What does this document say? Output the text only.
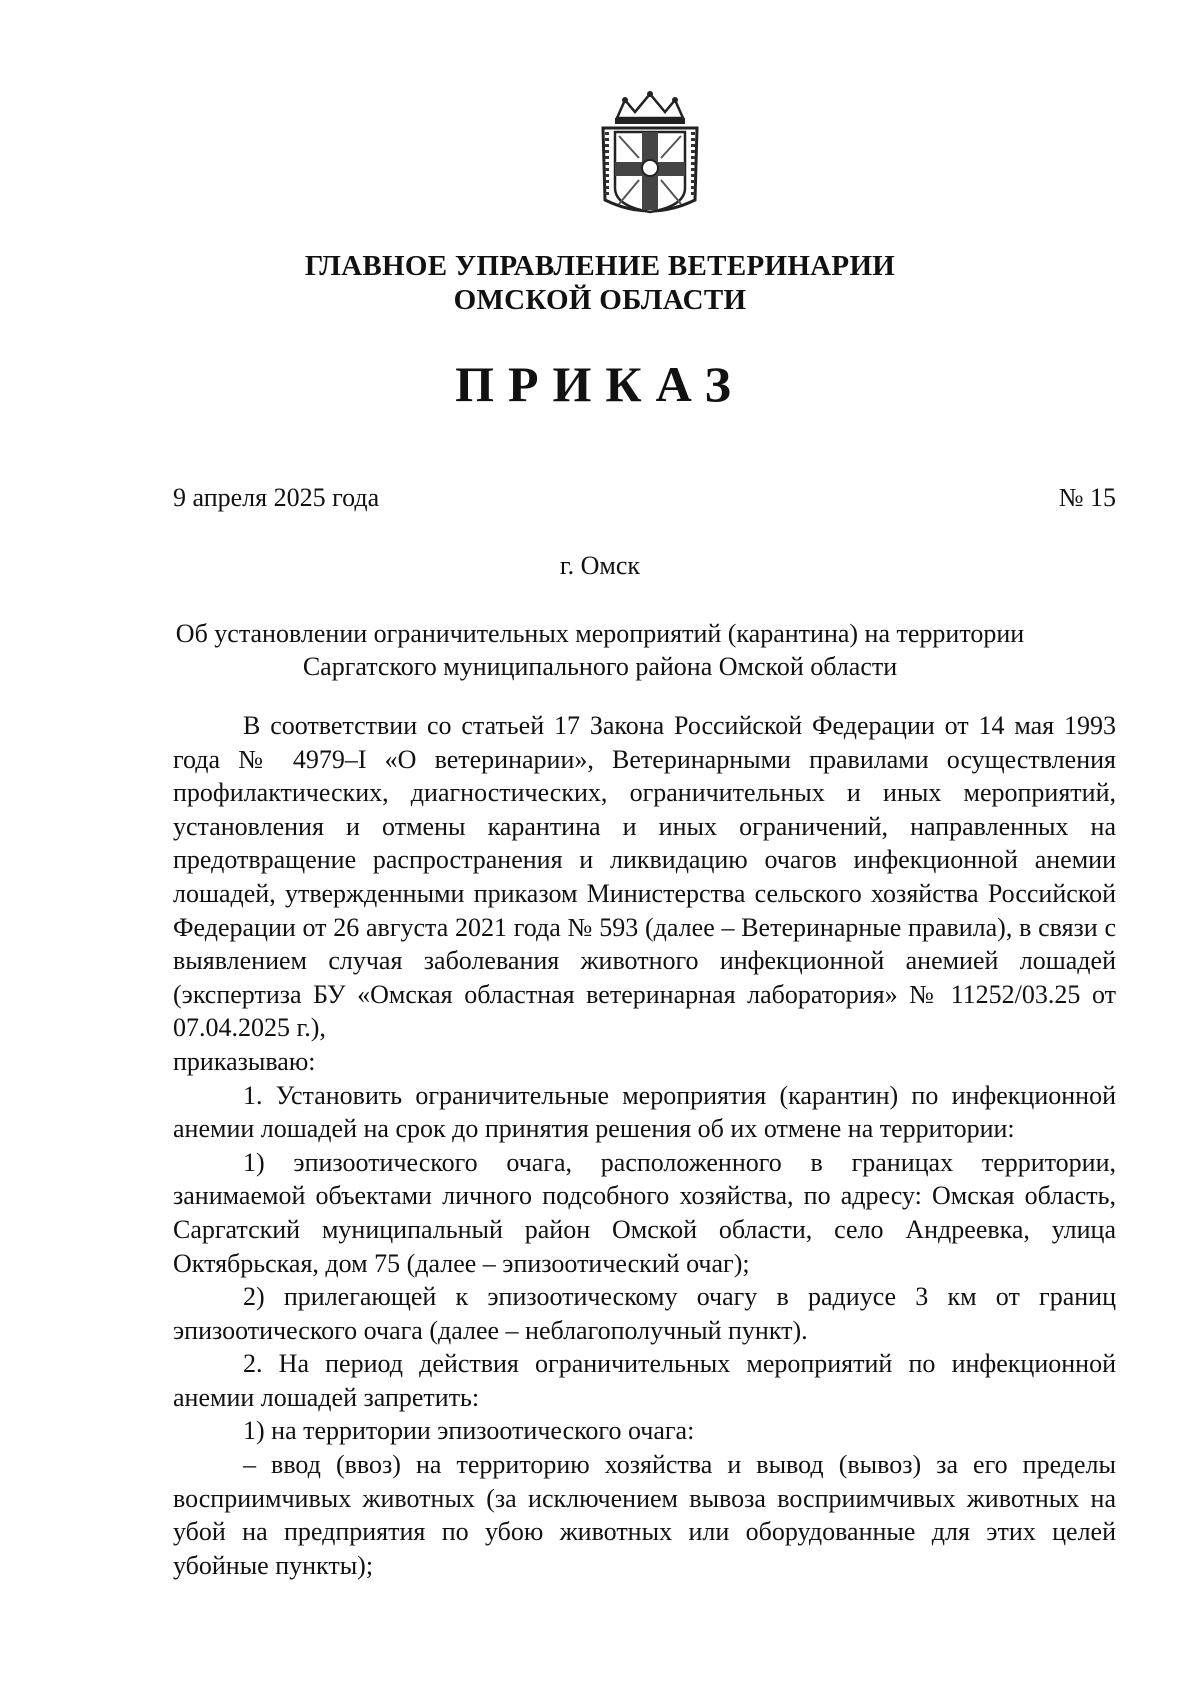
ГЛАВНОЕ УПРАВЛЕНИЕ ВЕТЕРИНАРИИ
ОМСКОЙ ОБЛАСТИ
ПРИКАЗ
9 апреля 2025 года	№ 15
г. Омск
Об установлении ограничительных мероприятий (карантина) на территории
Саргатского муниципального района Омской области

В соответствии со статьей 17 Закона Российской Федерации от 14 мая 1993 года № 4979–I «О ветеринарии», Ветеринарными правилами осуществления профилактических, диагностических, ограничительных и иных мероприятий, установления и отмены карантина и иных ограничений, направленных на предотвращение распространения и ликвидацию очагов инфекционной анемии лошадей, утвержденными приказом Министерства сельского хозяйства Российской Федерации от 26 августа 2021 года № 593 (далее – Ветеринарные правила), в связи с выявлением случая заболевания животного инфекционной анемией лошадей (экспертиза БУ «Омская областная ветеринарная лаборатория» № 11252/03.25 от 07.04.2025 г.),

приказываю:

1. Установить ограничительные мероприятия (карантин) по инфекционной анемии лошадей на срок до принятия решения об их отмене на территории:

1) эпизоотического очага, расположенного в границах территории, занимаемой объектами личного подсобного хозяйства, по адресу: Омская область, Саргатский муниципальный район Омской области, село Андреевка, улица Октябрьская, дом 75 (далее – эпизоотический очаг);

2) прилегающей к эпизоотическому очагу в радиусе 3 км от границ эпизоотического очага (далее – неблагополучный пункт).

2. На период действия ограничительных мероприятий по инфекционной анемии лошадей запретить:

1) на территории эпизоотического очага:

– ввод (ввоз) на территорию хозяйства и вывод (вывоз) за его пределы восприимчивых животных (за исключением вывоза восприимчивых животных на убой на предприятия по убою животных или оборудованные для этих целей убойные пункты);
